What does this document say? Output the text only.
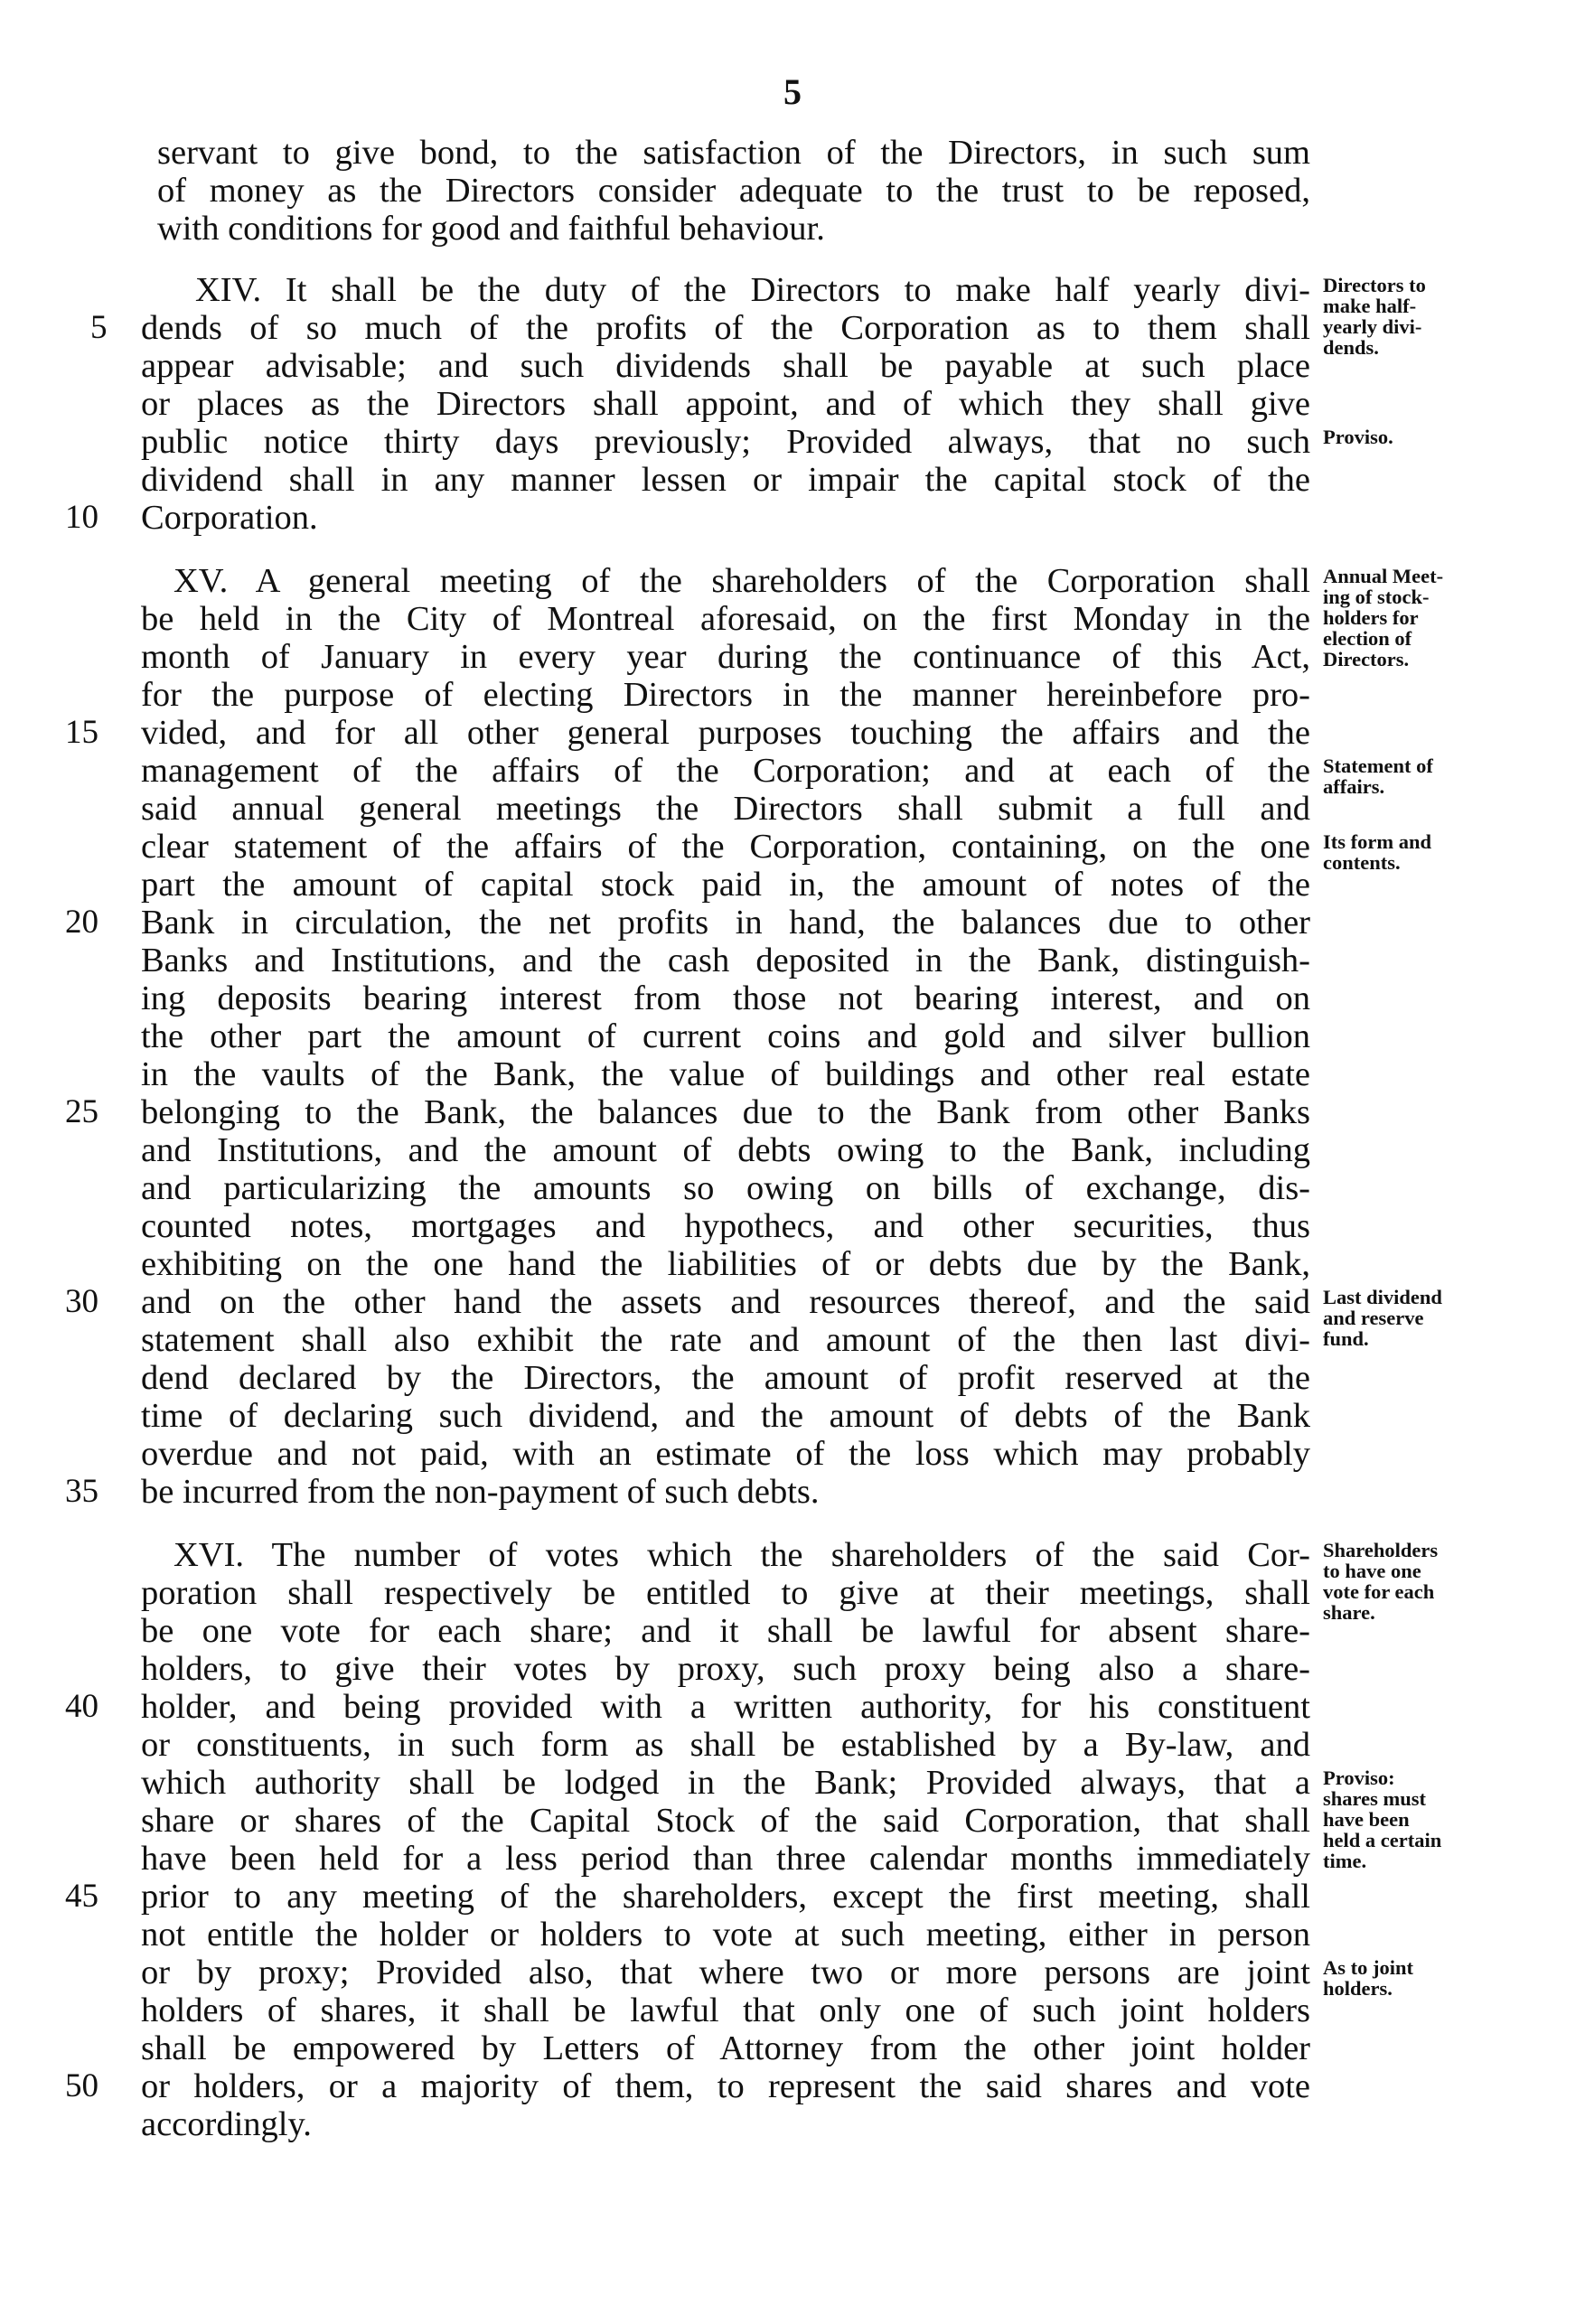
5
servant to give bond, to the satisfaction of the Directors, in such sum
of money as the Directors consider adequate to the trust to be reposed,
with conditions for good and faithful behaviour.
XIV. It shall be the duty of the Directors to make half yearly divi-
dends of so much of the profits of the Corporation as to them shall
appear advisable; and such dividends shall be payable at such place
or places as the Directors shall appoint, and of which they shall give
public notice thirty days previously; Provided always, that no such
dividend shall in any manner lessen or impair the capital stock of the
Corporation.
XV. A general meeting of the shareholders of the Corporation shall
be held in the City of Montreal aforesaid, on the first Monday in the
month of January in every year during the continuance of this Act,
for the purpose of electing Directors in the manner hereinbefore pro-
vided, and for all other general purposes touching the affairs and the
management of the affairs of the Corporation; and at each of the
said annual general meetings the Directors shall submit a full and
clear statement of the affairs of the Corporation, containing, on the one
part the amount of capital stock paid in, the amount of notes of the
Bank in circulation, the net profits in hand, the balances due to other
Banks and Institutions, and the cash deposited in the Bank, distinguish-
ing deposits bearing interest from those not bearing interest, and on
the other part the amount of current coins and gold and silver bullion
in the vaults of the Bank, the value of buildings and other real estate
belonging to the Bank, the balances due to the Bank from other Banks
and Institutions, and the amount of debts owing to the Bank, including
and particularizing the amounts so owing on bills of exchange, dis-
counted notes, mortgages and hypothecs, and other securities, thus
exhibiting on the one hand the liabilities of or debts due by the Bank,
and on the other hand the assets and resources thereof, and the said
statement shall also exhibit the rate and amount of the then last divi-
dend declared by the Directors, the amount of profit reserved at the
time of declaring such dividend, and the amount of debts of the Bank
overdue and not paid, with an estimate of the loss which may probably
be incurred from the non-payment of such debts.
XVI. The number of votes which the shareholders of the said Cor-
poration shall respectively be entitled to give at their meetings, shall
be one vote for each share; and it shall be lawful for absent share-
holders, to give their votes by proxy, such proxy being also a share-
holder, and being provided with a written authority, for his constituent
or constituents, in such form as shall be established by a By-law, and
which authority shall be lodged in the Bank; Provided always, that a
share or shares of the Capital Stock of the said Corporation, that shall
have been held for a less period than three calendar months immediately
prior to any meeting of the shareholders, except the first meeting, shall
not entitle the holder or holders to vote at such meeting, either in person
or by proxy; Provided also, that where two or more persons are joint
holders of shares, it shall be lawful that only one of such joint holders
shall be empowered by Letters of Attorney from the other joint holder
or holders, or a majority of them, to represent the said shares and vote
accordingly.
5
10
15
20
25
30
35
40
45
50
Directors to
make half-
yearly divi-
dends.
Proviso.
Annual Meet-
ing of stock-
holders for
election of
Directors.
Statement of
affairs.
Its form and
contents.
Last dividend
and reserve
fund.
Shareholders
to have one
vote for each
share.
Proviso:
shares must
have been
held a certain
time.
As to joint
holders.
